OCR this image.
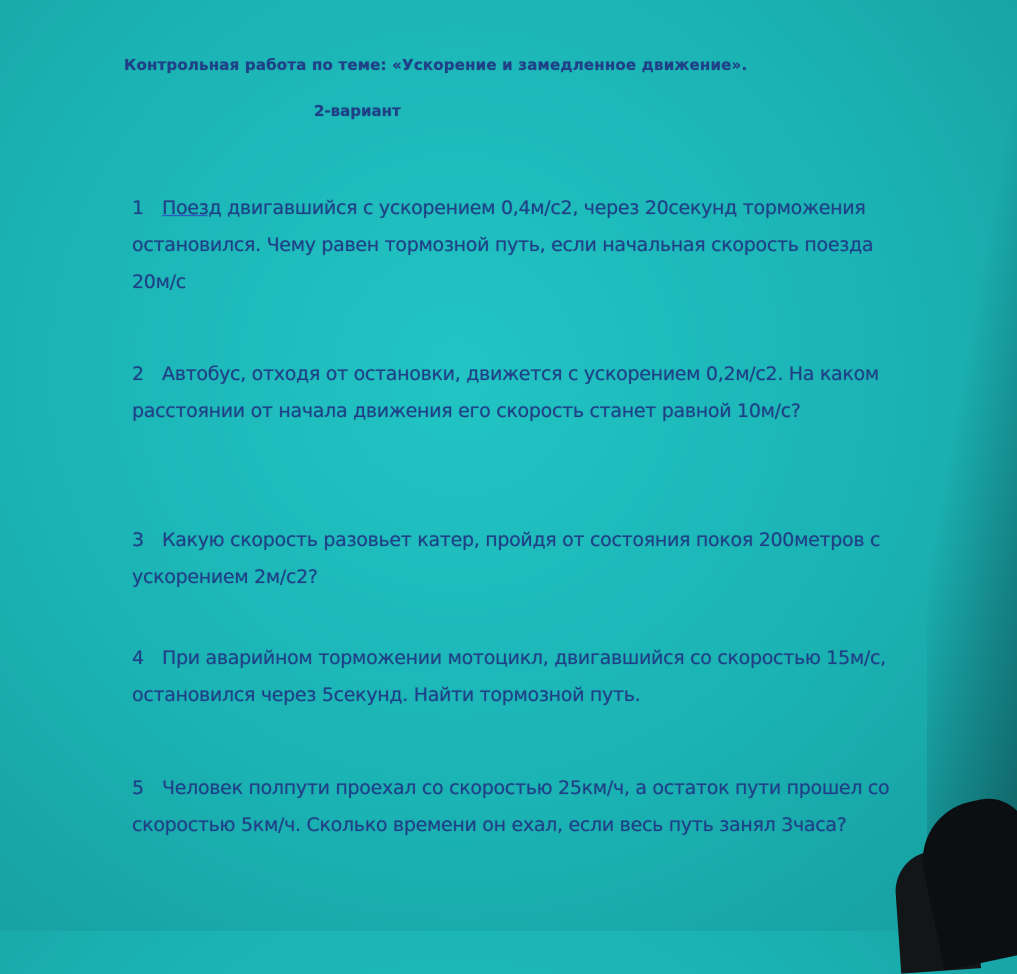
Контрольная работа по теме: «Ускорение и замедленное движение».
2-вариант
1 Поезд двигавшийся с ускорением 0,4м/с2, через 20секунд торможения остановился. Чему равен тормозной путь, если начальная скорость поезда 20м/с
2 Автобус, отходя от остановки, движется с ускорением 0,2м/с2. На каком расстоянии от начала движения его скорость станет равной 10м/с?
3 Какую скорость разовьет катер, пройдя от состояния покоя 200метров с ускорением 2м/с2?
4 При аварийном торможении мотоцикл, двигавшийся со скоростью 15м/с, остановился через 5секунд. Найти тормозной путь.
5 Человек полпути проехал со скоростью 25км/ч, а остаток пути прошел со скоростью 5км/ч. Сколько времени он ехал, если весь путь занял 3часа?
